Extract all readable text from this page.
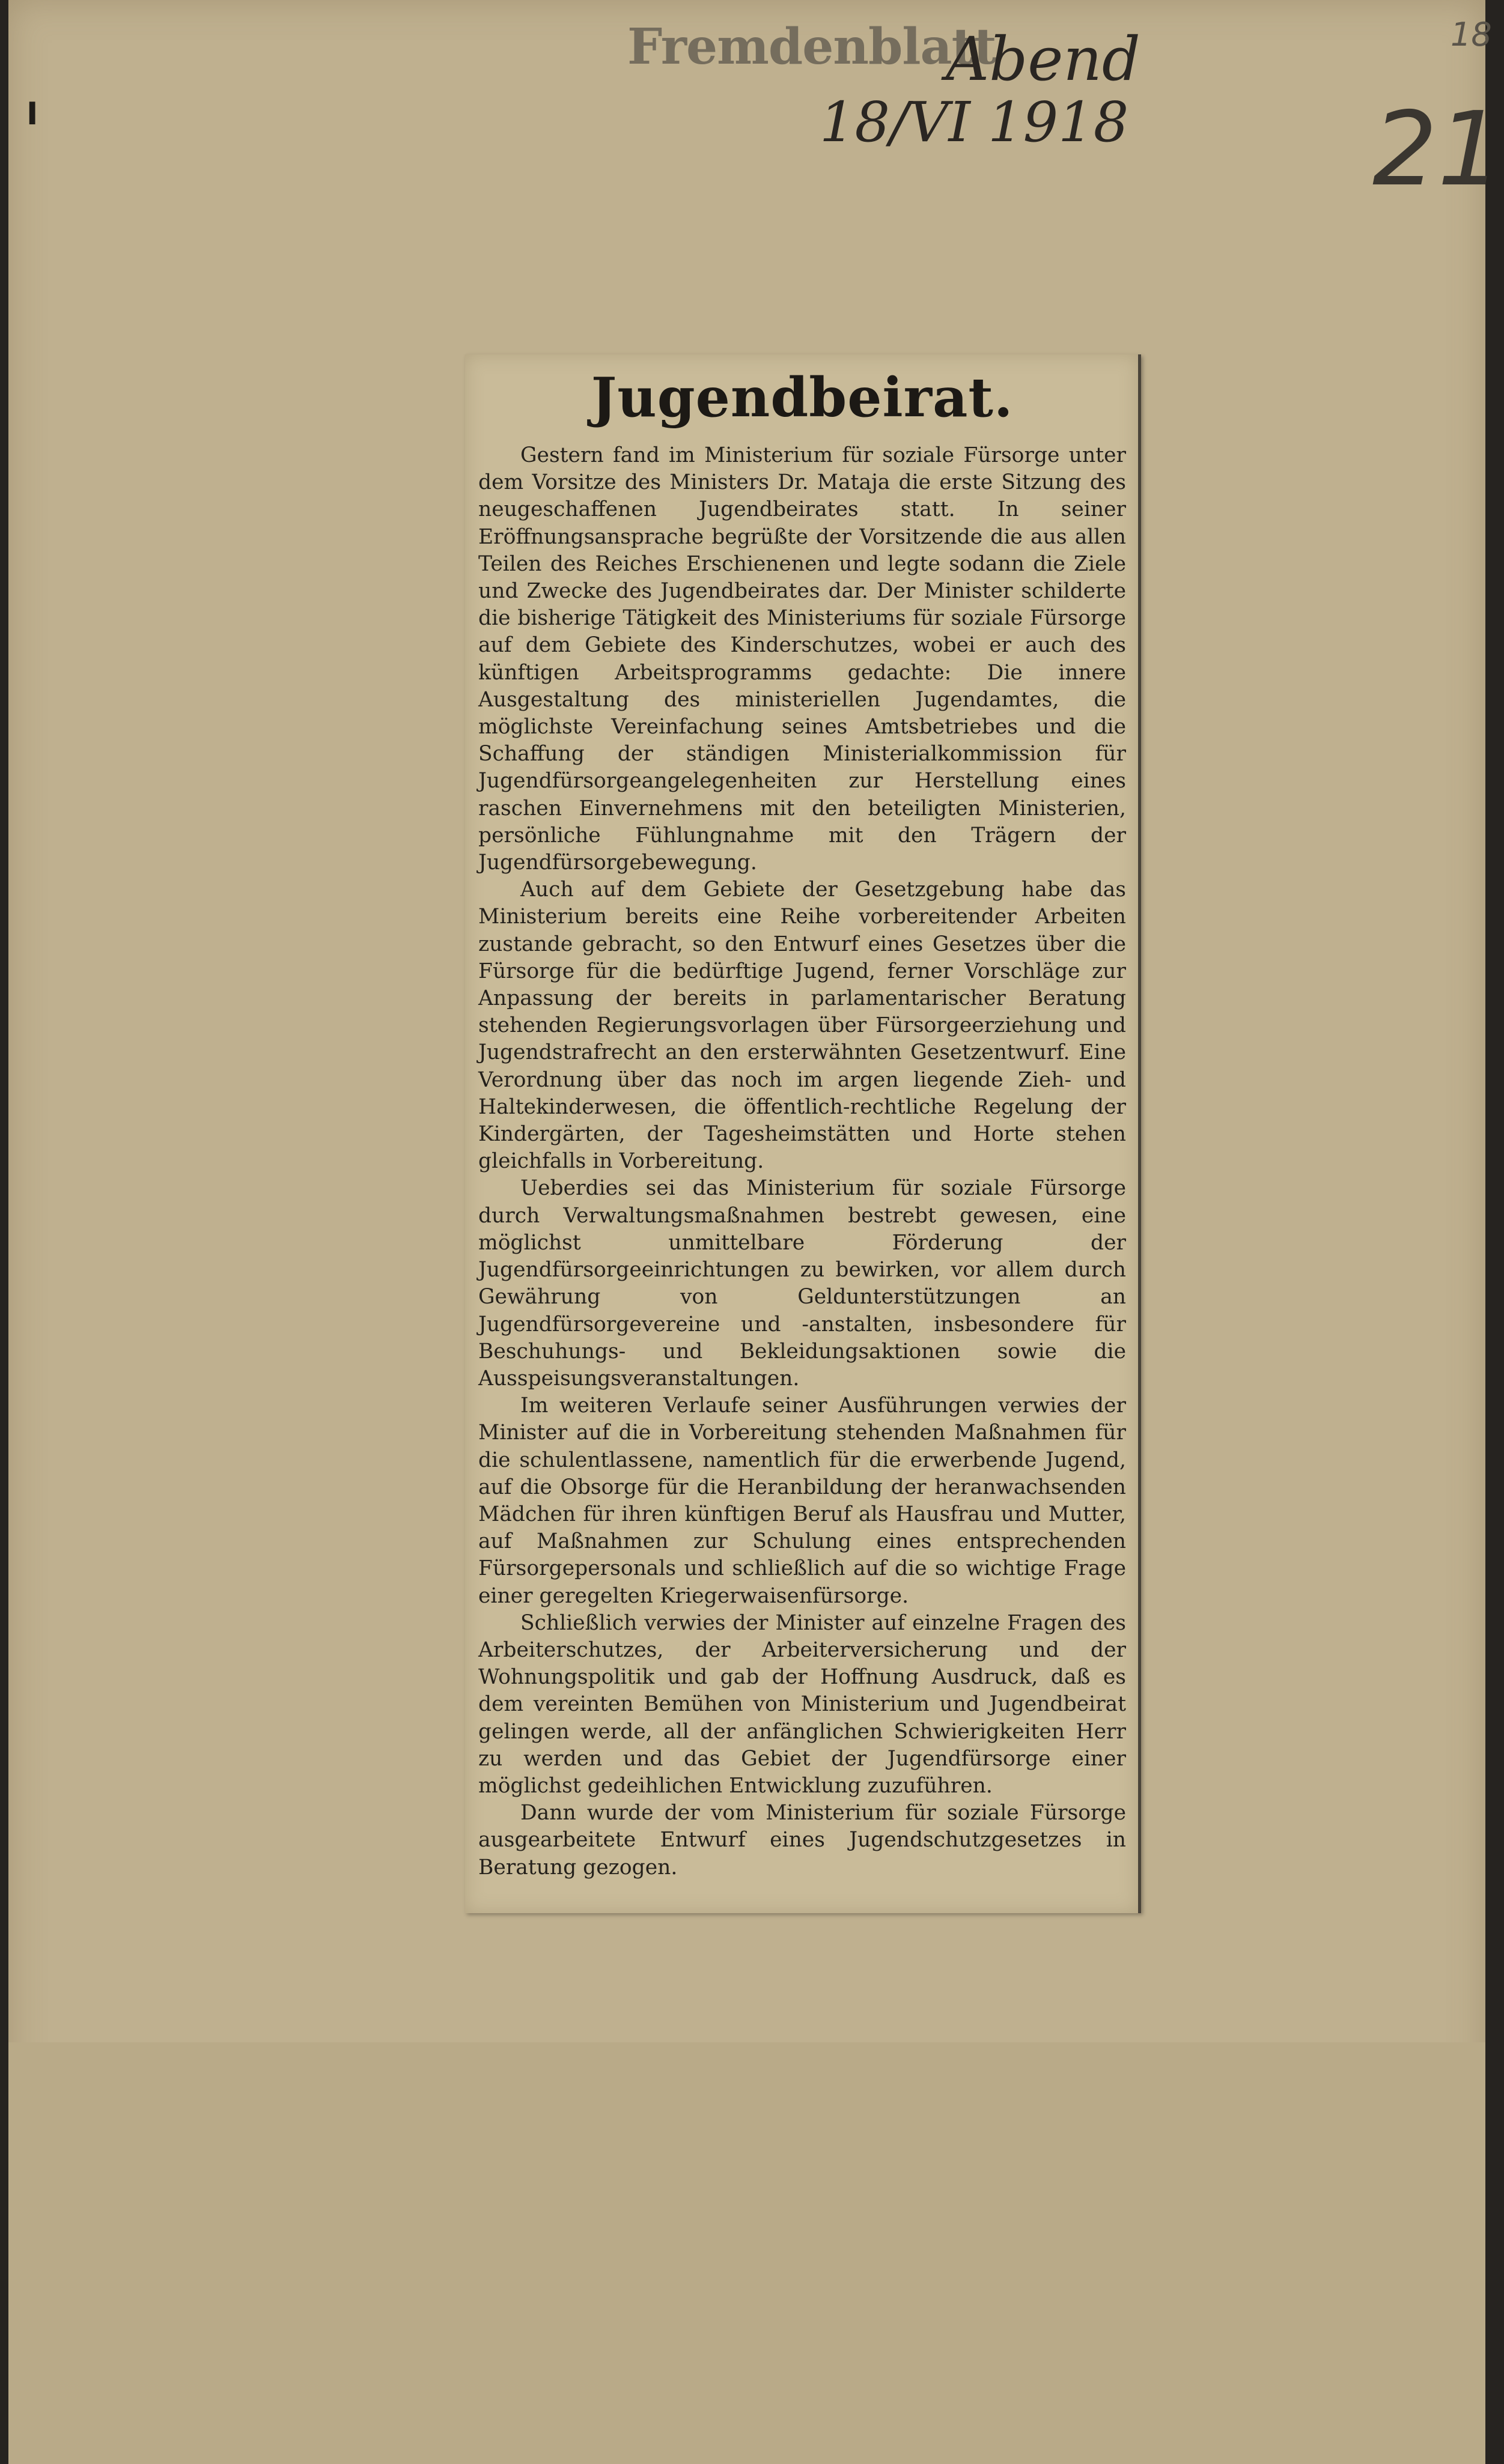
Fremdenblatt
Abend
18/VI 1918 21
18
I
Jugendbeirat.

Gestern fand im Ministerium für soziale Fürsorge unter dem Vorsitze des Ministers Dr. Mataja die erste Sitzung des neugeschaffenen Jugendbeirates statt. In seiner Eröffnungsansprache begrüßte der Vorsitzende die aus allen Teilen des Reiches Erschienenen und legte sodann die Ziele und Zwecke des Jugendbeirates dar. Der Minister schilderte die bisherige Tätigkeit des Ministeriums für soziale Fürsorge auf dem Gebiete des Kinderschutzes, wobei er auch des künftigen Arbeitsprogramms gedachte: Die innere Ausgestaltung des ministeriellen Jugendamtes, die möglichste Vereinfachung seines Amtsbetriebes und die Schaffung der ständigen Ministerialkommission für Jugendfürsorgeangelegenheiten zur Herstellung eines raschen Einvernehmens mit den beteiligten Ministerien, persönliche Fühlungnahme mit den Trägern der Jugendfürsorgebewegung.

Auch auf dem Gebiete der Gesetzgebung habe das Ministerium bereits eine Reihe vorbereitender Arbeiten zustande gebracht, so den Entwurf eines Gesetzes über die Fürsorge für die bedürftige Jugend, ferner Vorschläge zur Anpassung der bereits in parlamentarischer Beratung stehenden Regierungsvorlagen über Fürsorgeerziehung und Jugendstrafrecht an den ersterwähnten Gesetzentwurf. Eine Verordnung über das noch im argen liegende Zieh- und Haltekinderwesen, die öffentlich-rechtliche Regelung der Kindergärten, der Tagesheimstätten und Horte stehen gleichfalls in Vorbereitung.

Ueberdies sei das Ministerium für soziale Fürsorge durch Verwaltungsmaßnahmen bestrebt gewesen, eine möglichst unmittelbare Förderung der Jugendfürsorgeeinrichtungen zu bewirken, vor allem durch Gewährung von Geldunterstützungen an Jugendfürsorgevereine und -anstalten, insbesondere für Beschuhungs- und Bekleidungsaktionen sowie die Ausspeisungsveranstaltungen.

Im weiteren Verlaufe seiner Ausführungen verwies der Minister auf die in Vorbereitung stehenden Maßnahmen für die schulentlassene, namentlich für die erwerbende Jugend, auf die Obsorge für die Heranbildung der heranwachsenden Mädchen für ihren künftigen Beruf als Hausfrau und Mutter, auf Maßnahmen zur Schulung eines entsprechenden Fürsorgepersonals und schließlich auf die so wichtige Frage einer geregelten Kriegerwaisenfürsorge.

Schließlich verwies der Minister auf einzelne Fragen des Arbeiterschutzes, der Arbeiterversicherung und der Wohnungspolitik und gab der Hoffnung Ausdruck, daß es dem vereinten Bemühen von Ministerium und Jugendbeirat gelingen werde, all der anfänglichen Schwierigkeiten Herr zu werden und das Gebiet der Jugendfürsorge einer möglichst gedeihlichen Entwicklung zuzuführen.

Dann wurde der vom Ministerium für soziale Fürsorge ausgearbeitete Entwurf eines Jugendschutzgesetzes in Beratung gezogen.
